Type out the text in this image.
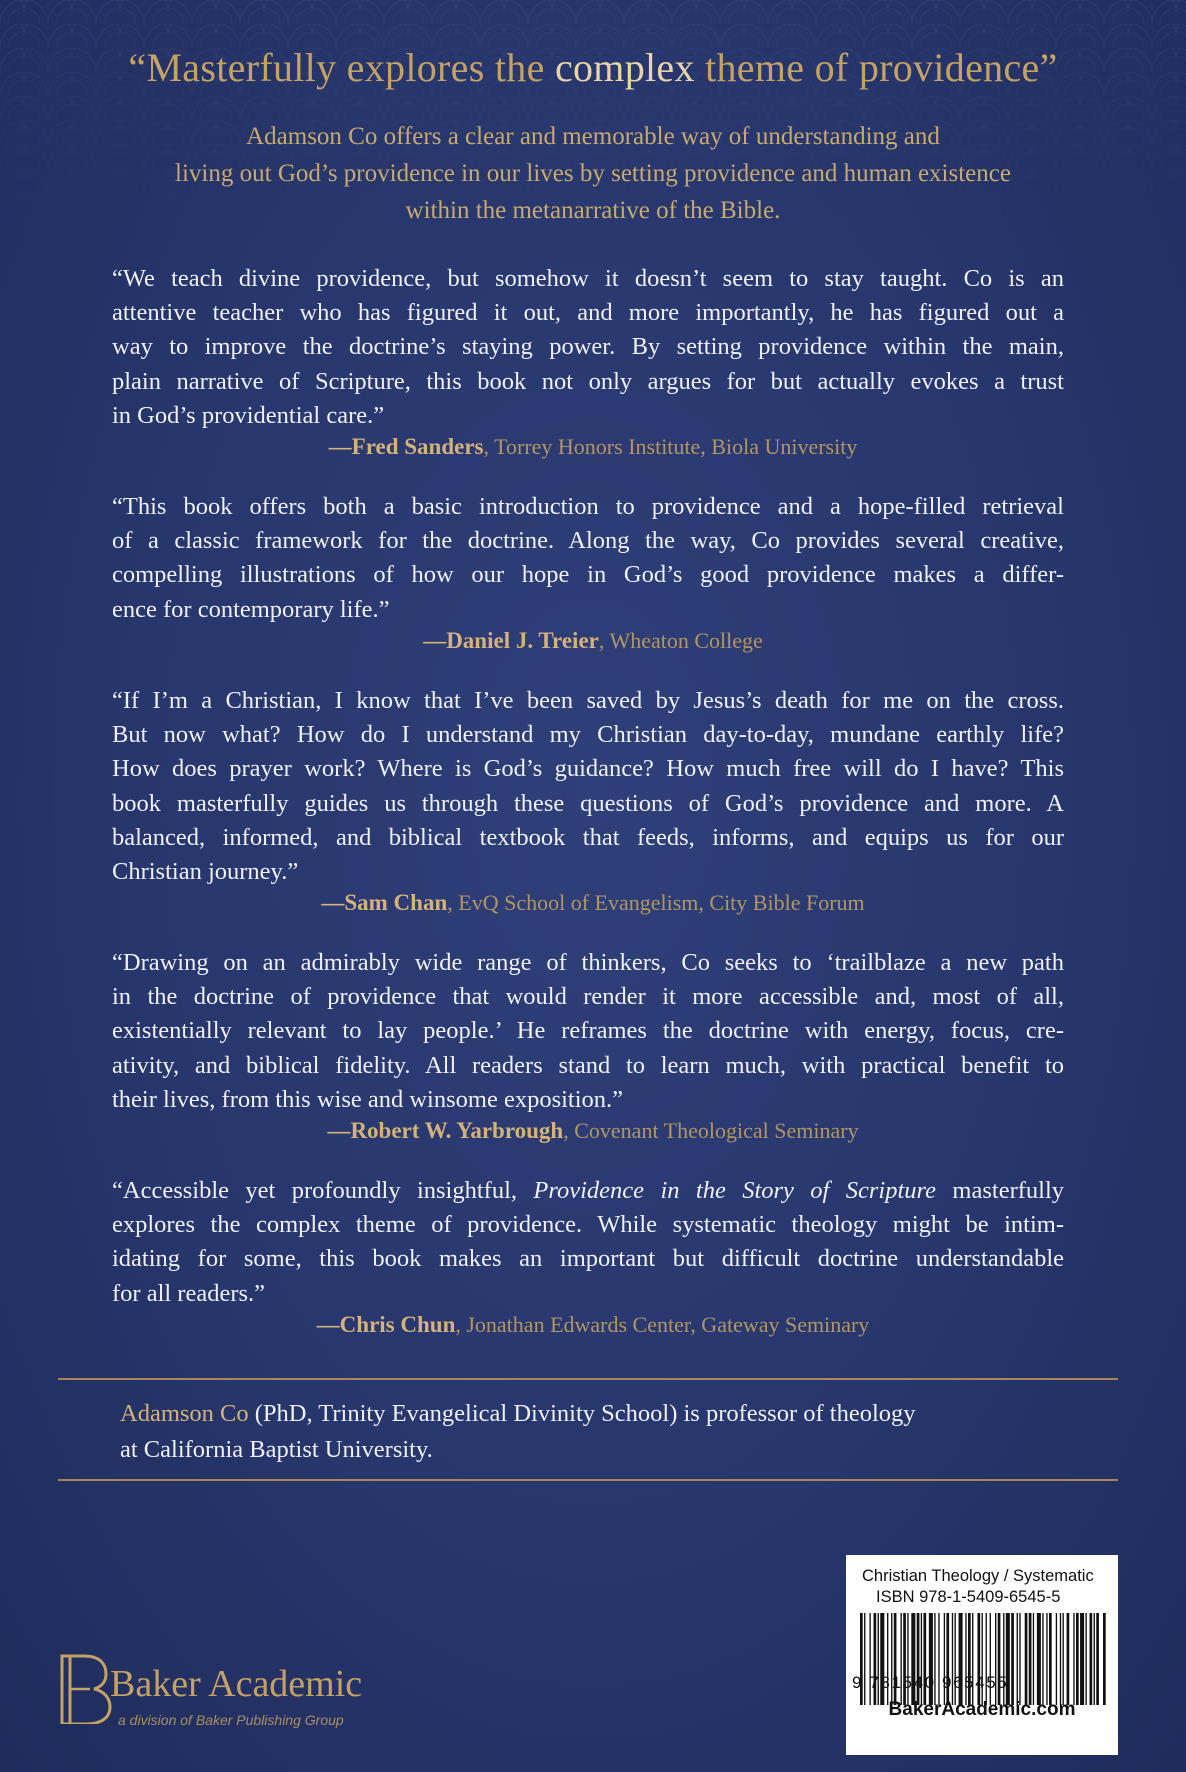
“Masterfully explores the complex theme of providence”
Adamson Co offers a clear and memorable way of understanding and
living out God’s providence in our lives by setting providence and human existence
within the metanarrative of the Bible.
“We teach divine providence, but somehow it doesn’t seem to stay taught. Co is an
attentive teacher who has figured it out, and more importantly, he has figured out a
way to improve the doctrine’s staying power. By setting providence within the main,
plain narrative of Scripture, this book not only argues for but actually evokes a trust
in God’s providential care.”
—Fred Sanders, Torrey Honors Institute, Biola University
“This book offers both a basic introduction to providence and a hope-filled retrieval
of a classic framework for the doctrine. Along the way, Co provides several creative,
compelling illustrations of how our hope in God’s good providence makes a differ-
ence for contemporary life.”
—Daniel J. Treier, Wheaton College
“If I’m a Christian, I know that I’ve been saved by Jesus’s death for me on the cross.
But now what? How do I understand my Christian day-to-day, mundane earthly life?
How does prayer work? Where is God’s guidance? How much free will do I have? This
book masterfully guides us through these questions of God’s providence and more. A
balanced, informed, and biblical textbook that feeds, informs, and equips us for our
Christian journey.”
—Sam Chan, EvQ School of Evangelism, City Bible Forum
“Drawing on an admirably wide range of thinkers, Co seeks to ‘trailblaze a new path
in the doctrine of providence that would render it more accessible and, most of all,
existentially relevant to lay people.’ He reframes the doctrine with energy, focus, cre-
ativity, and biblical fidelity. All readers stand to learn much, with practical benefit to
their lives, from this wise and winsome exposition.”
—Robert W. Yarbrough, Covenant Theological Seminary
“Accessible yet profoundly insightful, Providence in the Story of Scripture masterfully
explores the complex theme of providence. While systematic theology might be intim-
idating for some, this book makes an important but difficult doctrine understandable
for all readers.”
—Chris Chun, Jonathan Edwards Center, Gateway Seminary
Adamson Co (PhD, Trinity Evangelical Divinity School) is professor of theology
at California Baptist University.
Baker Academic
a division of Baker Publishing Group
Christian Theology / Systematic
ISBN 978-1-5409-6545-5
9 781540 965455
BakerAcademic.com
